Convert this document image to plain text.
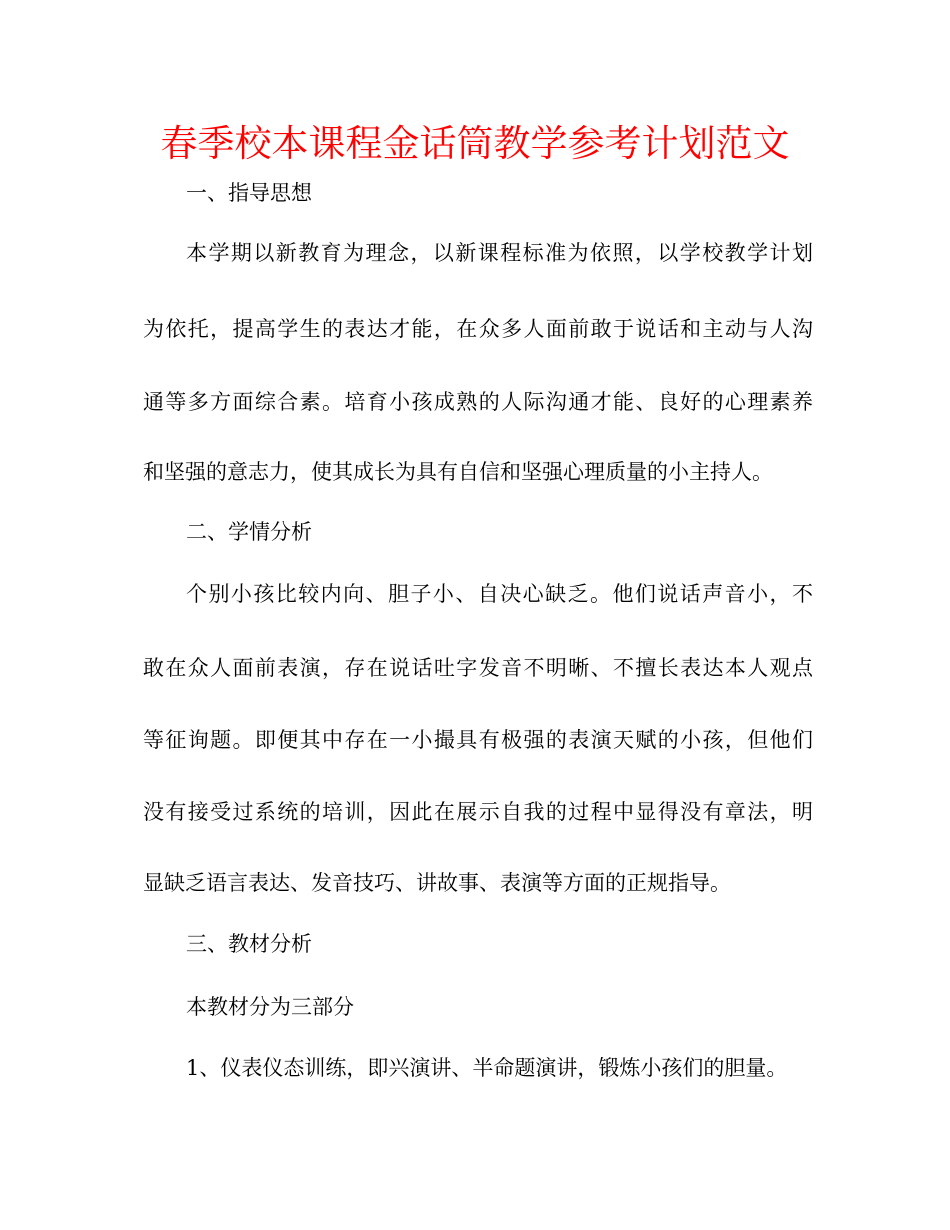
春季校本课程金话筒教学参考计划范文
一、指导思想
本学期以新教育为理念，以新课程标准为依照，以学校教学计划
为依托，提高学生的表达才能，在众多人面前敢于说话和主动与人沟
通等多方面综合素。培育小孩成熟的人际沟通才能、良好的心理素养
和坚强的意志力，使其成长为具有自信和坚强心理质量的小主持人。
二、学情分析
个别小孩比较内向、胆子小、自决心缺乏。他们说话声音小，不
敢在众人面前表演，存在说话吐字发音不明晰、不擅长表达本人观点
等征询题。即便其中存在一小撮具有极强的表演天赋的小孩，但他们
没有接受过系统的培训，因此在展示自我的过程中显得没有章法，明
显缺乏语言表达、发音技巧、讲故事、表演等方面的正规指导。
三、教材分析
本教材分为三部分
1、仪表仪态训练，即兴演讲、半命题演讲，锻炼小孩们的胆量。
